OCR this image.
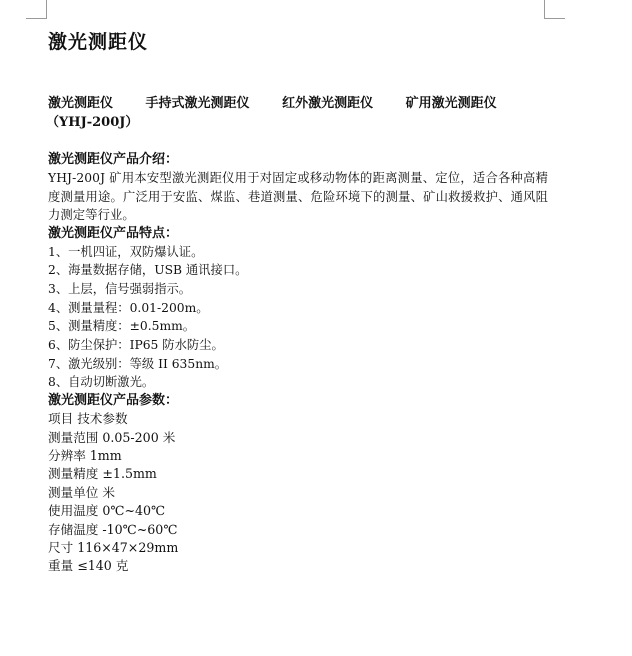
激光测距仪
激光测距仪	手持式激光测距仪	红外激光测距仪	矿用激光测距仪
（YHJ-200J）
激光测距仪产品介绍：

YHJ-200J 矿用本安型激光测距仪用于对固定或移动物体的距离测量、定位，适合各种高精度测量用途。广泛用于安监、煤监、巷道测量、危险环境下的测量、矿山救援救护、通风阻力测定等行业。

激光测距仪产品特点：
1、一机四证，双防爆认证。
2、海量数据存储，USB 通讯接口。
3、上层，信号强弱指示。
4、测量量程：0.01-200m。
5、测量精度：±0.5mm。
6、防尘保护：IP65 防水防尘。
7、激光级别：等级 II 635nm。
8、自动切断激光。
激光测距仪产品参数：
项目 技术参数
测量范围 0.05-200 米
分辨率 1mm
测量精度 ±1.5mm
测量单位 米
使用温度 0℃~40℃
存储温度 -10℃~60℃
尺寸 116×47×29mm
重量 ≤140 克
